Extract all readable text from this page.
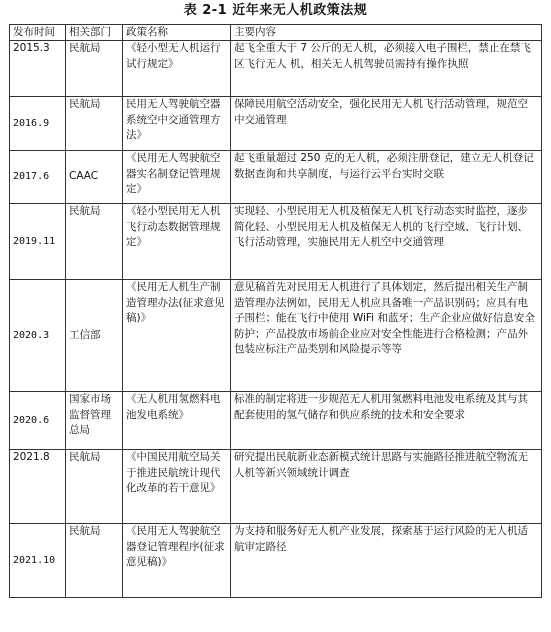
表 2-1 近年来无人机政策法规
发布时间	相关部门	政策名称	主要内容
2015.3	民航局	《轻小型无人机运行试行规定》	起飞全重大于 7 公斤的无人机，必须接入电子围栏，禁止在禁飞区飞行无人 机，相关无人机驾驶员需持有操作执照
2016.9	民航局	民用无人驾驶航空器系统空中交通管理方法》	保障民用航空活动安全，强化民用无人机飞行活动管理，规范空中交通管理
2017.6	CAAC	《民用无人驾驶航空器实名制登记管理规定》	起飞重量超过 250 克的无人机，必须注册登记，建立无人机登记数据查询和共享制度，与运行云平台实时交联
2019.11	民航局	《轻小型民用无人机飞行动态数据管理规定》	实现轻、小型民用无人机及植保无人机飞行动态实时监控，逐步简化轻、小型民用无人机及植保无人机的飞行空域、飞行计划、飞行活动管理，实施民用无人机空中交通管理
2020.3	工信部	《民用无人机生产制造管理办法(征求意见稿)》	意见稿首先对民用无人机进行了具体划定，然后提出相关生产制造管理办法例如，民用无人机应具备唯一产品识别码；应具有电子围栏；能在飞行中使用 WiFi 和蓝牙；生产企业应做好信息安全防护；产品投放市场前企业应对安全性能进行合格检测；产品外包装应标注产品类别和风险提示等等
2020.6	国家市场监督管理总局	《无人机用氢燃料电池发电系统》	标准的制定将进一步规范无人机用氢燃料电池发电系统及其与其配套使用的氢气储存和供应系统的技术和安全要求
2021.8	民航局	《中国民用航空局关于推进民航统计现代化改革的若干意见》	研究提出民航新业态新模式统计思路与实施路径推进航空物流无人机等新兴领域统计调查
2021.10	民航局	《民用无人驾驶航空器登记管理程序(征求意见稿)》	为支持和服务好无人机产业发展，探索基于运行风险的无人机适航审定路径
